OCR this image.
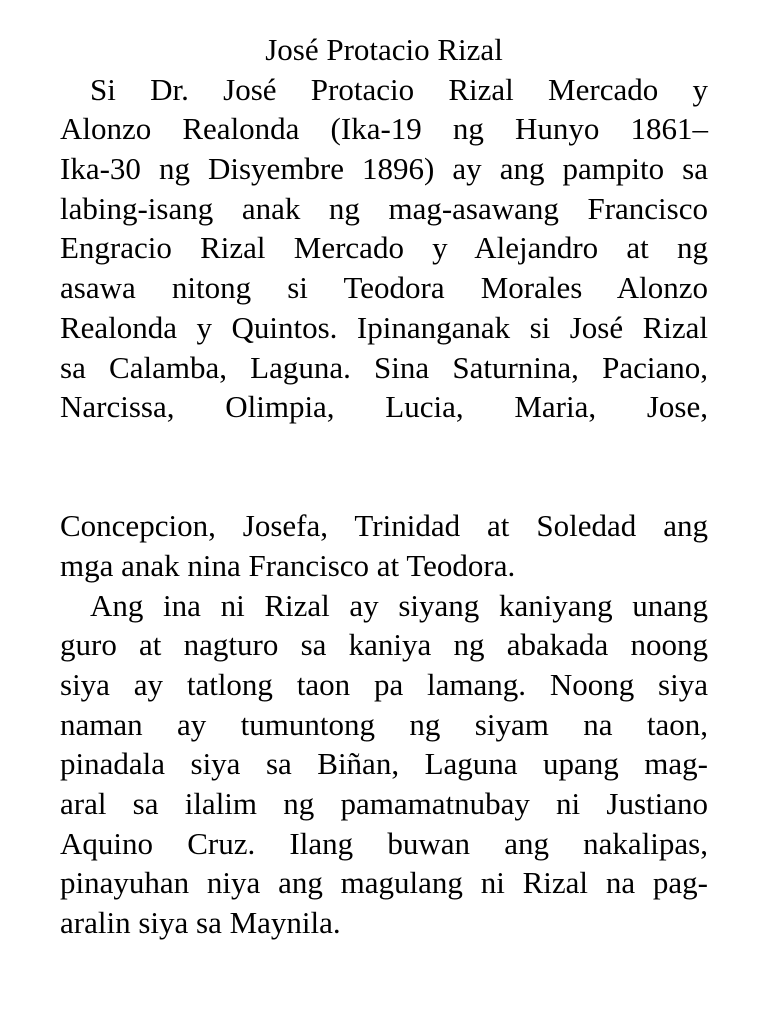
José Protacio Rizal
Si Dr. José Protacio Rizal Mercado y
Alonzo Realonda (Ika-19 ng Hunyo 1861–
Ika-30 ng Disyembre 1896) ay ang pampito sa
labing-isang anak ng mag-asawang Francisco
Engracio Rizal Mercado y Alejandro at ng
asawa nitong si Teodora Morales Alonzo
Realonda y Quintos. Ipinanganak si José Rizal
sa Calamba, Laguna. Sina Saturnina, Paciano,
Narcissa, Olimpia, Lucia, Maria, Jose,
Concepcion, Josefa, Trinidad at Soledad ang
mga anak nina Francisco at Teodora.
Ang ina ni Rizal ay siyang kaniyang unang
guro at nagturo sa kaniya ng abakada noong
siya ay tatlong taon pa lamang. Noong siya
naman ay tumuntong ng siyam na taon,
pinadala siya sa Biñan, Laguna upang mag-
aral sa ilalim ng pamamatnubay ni Justiano
Aquino Cruz. Ilang buwan ang nakalipas,
pinayuhan niya ang magulang ni Rizal na pag-
aralin siya sa Maynila.
